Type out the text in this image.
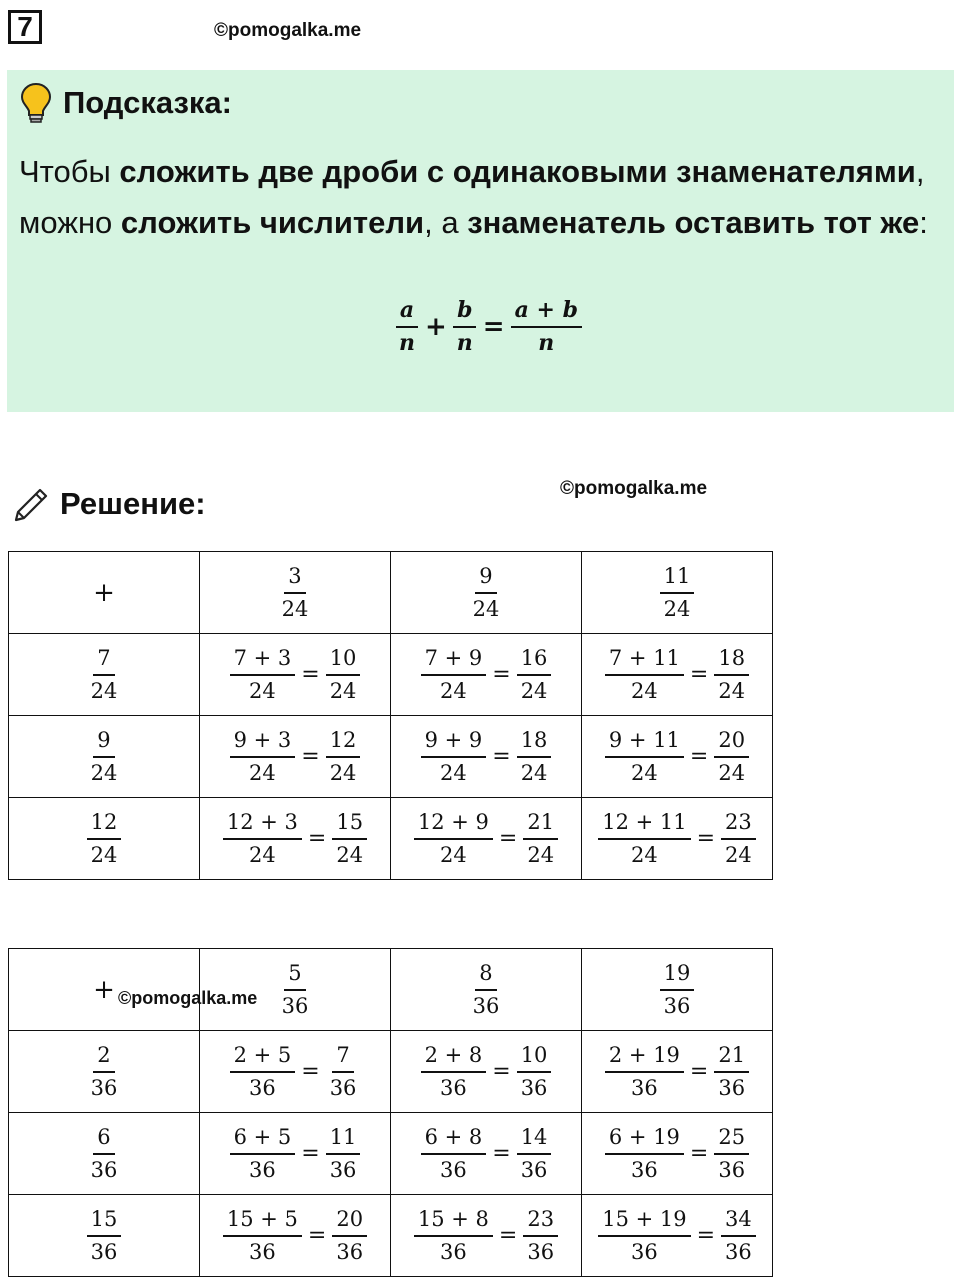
7	©pomogalka.me
Подсказка:
Чтобы сложить две дроби с одинаковыми знаменателями, можно сложить числители, а знаменатель оставить тот же:
$\frac{a}{n} + \frac{b}{n} = \frac{a + b}{n}$
Решение:	©pomogalka.me
+	$\frac{3}{24}$	$\frac{9}{24}$	$\frac{11}{24}$

$\frac{7}{24}$	$\frac{7 + 3}{24} = \frac{10}{24}$	$\frac{7 + 9}{24} = \frac{16}{24}$	$\frac{7 + 11}{24} = \frac{18}{24}$

$\frac{9}{24}$	$\frac{9 + 3}{24} = \frac{12}{24}$	$\frac{9 + 9}{24} = \frac{18}{24}$	$\frac{9 + 11}{24} = \frac{20}{24}$

$\frac{12}{24}$	$\frac{12 + 3}{24} = \frac{15}{24}$	$\frac{12 + 9}{24} = \frac{21}{24}$	$\frac{12 + 11}{24} = \frac{23}{24}$
+	$\frac{5}{36}$	$\frac{8}{36}$	$\frac{19}{36}$

$\frac{2}{36}$	$\frac{2 + 5}{36} = \frac{7}{36}$	$\frac{2 + 8}{36} = \frac{10}{36}$	$\frac{2 + 19}{36} = \frac{21}{36}$

$\frac{6}{36}$	$\frac{6 + 5}{36} = \frac{11}{36}$	$\frac{6 + 8}{36} = \frac{14}{36}$	$\frac{6 + 19}{36} = \frac{25}{36}$

$\frac{15}{36}$	$\frac{15 + 5}{36} = \frac{20}{36}$	$\frac{15 + 8}{36} = \frac{23}{36}$	$\frac{15 + 19}{36} = \frac{34}{36}$
©pomogalka.me
